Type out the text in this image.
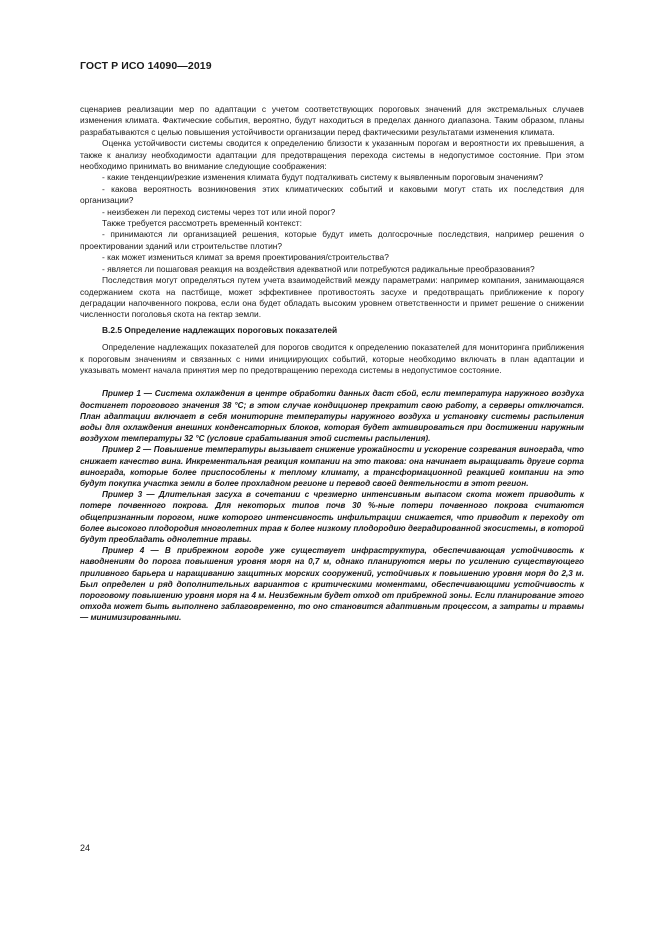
ГОСТ Р ИСО 14090—2019

сценариев реализации мер по адаптации с учетом соответствующих пороговых значений для экстремальных случаев изменения климата. Фактические события, вероятно, будут находиться в пределах данного диапазона. Таким образом, планы разрабатываются с целью повышения устойчивости организации перед фактическими результатами изменения климата.

Оценка устойчивости системы сводится к определению близости к указанным порогам и вероятности их превышения, а также к анализу необходимости адаптации для предотвращения перехода системы в недопустимое состояние. При этом необходимо принимать во внимание следующие соображения:

- какие тенденции/резкие изменения климата будут подталкивать систему к выявленным пороговым значениям?

- какова вероятность возникновения этих климатических событий и каковыми могут стать их последствия для организации?

- неизбежен ли переход системы через тот или иной порог?

Также требуется рассмотреть временный контекст:

- принимаются ли организацией решения, которые будут иметь долгосрочные последствия, например решения о проектировании зданий или строительстве плотин?

- как может измениться климат за время проектирования/строительства?

- является ли пошаговая реакция на воздействия адекватной или потребуются радикальные преобразования?

Последствия могут определяться путем учета взаимодействий между параметрами: например компания, занимающаяся содержанием скота на пастбище, может эффективнее противостоять засухе и предотвращать приближение к порогу деградации напочвенного покрова, если она будет обладать высоким уровнем ответственности и примет решение о снижении численности поголовья скота на гектар земли.

B.2.5 Определение надлежащих пороговых показателей

Определение надлежащих показателей для порогов сводится к определению показателей для мониторинга приближения к пороговым значениям и связанных с ними инициирующих событий, которые необходимо включать в план адаптации и указывать момент начала принятия мер по предотвращению перехода системы в недопустимое состояние.

Пример 1 — Система охлаждения в центре обработки данных даст сбой, если температура наружного воздуха достигнет порогового значения 38 °С; в этом случае кондиционер прекратит свою работу, а серверы отключатся. План адаптации включает в себя мониторинг температуры наружного воздуха и установку системы распыления воды для охлаждения внешних конденсаторных блоков, которая будет активироваться при достижении наружным воздухом температуры 32 °С (условие срабатывания этой системы распыления).

Пример 2 — Повышение температуры вызывает снижение урожайности и ускорение созревания винограда, что снижает качество вина. Инкрементальная реакция компании на это такова: она начинает выращивать другие сорта винограда, которые более приспособлены к теплому климату, а трансформационной реакцией компании на это будут покупка участка земли в более прохладном регионе и перевод своей деятельности в этот регион.

Пример 3 — Длительная засуха в сочетании с чрезмерно интенсивным выпасом скота может приводить к потере почвенного покрова. Для некоторых типов почв 30 %-ные потери почвенного покрова считаются общепризнанным порогом, ниже которого интенсивность инфильтрации снижается, что приводит к переходу от более высокого плодородия многолетних трав к более низкому плодородию деградированной экосистемы, в которой будут преобладать однолетние травы.

Пример 4 — В прибрежном городе уже существует инфраструктура, обеспечивающая устойчивость к наводнениям до порога повышения уровня моря на 0,7 м, однако планируются меры по усилению существующего приливного барьера и наращиванию защитных морских сооружений, устойчивых к повышению уровня моря до 2,3 м. Был определен и ряд дополнительных вариантов с критическими моментами, обеспечивающими устойчивость к пороговому повышению уровня моря на 4 м. Неизбежным будет отход от прибрежной зоны. Если планирование этого отхода может быть выполнено заблаговременно, то оно становится адаптивным процессом, а затраты и травмы — минимизированными.

24
